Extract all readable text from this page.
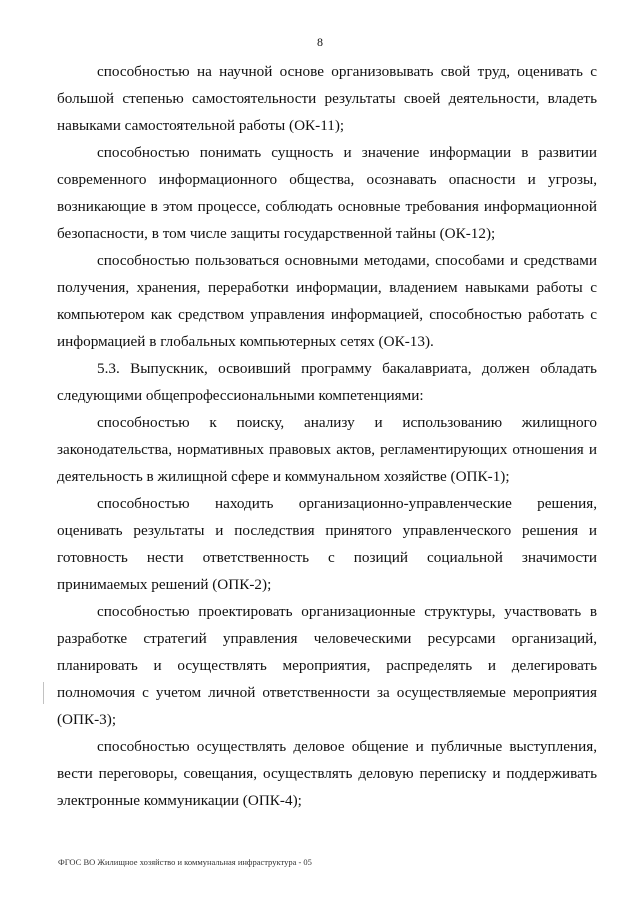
8

способностью на научной основе организовывать свой труд, оценивать с большой степенью самостоятельности результаты своей деятельности, владеть навыками самостоятельной работы (ОК-11);

способностью понимать сущность и значение информации в развитии современного информационного общества, осознавать опасности и угрозы, возникающие в этом процессе, соблюдать основные требования информационной безопасности, в том числе защиты государственной тайны (ОК-12);

способностью пользоваться основными методами, способами и средствами получения, хранения, переработки информации, владением навыками работы с компьютером как средством управления информацией, способностью работать с информацией в глобальных компьютерных сетях (ОК-13).

5.3. Выпускник, освоивший программу бакалавриата, должен обладать следующими общепрофессиональными компетенциями:

способностью к поиску, анализу и использованию жилищного законодательства, нормативных правовых актов, регламентирующих отношения и деятельность в жилищной сфере и коммунальном хозяйстве (ОПК-1);

способностью находить организационно-управленческие решения, оценивать результаты и последствия принятого управленческого решения и готовность нести ответственность с позиций социальной значимости принимаемых решений (ОПК-2);

способностью проектировать организационные структуры, участвовать в разработке стратегий управления человеческими ресурсами организаций, планировать и осуществлять мероприятия, распределять и делегировать полномочия с учетом личной ответственности за осуществляемые мероприятия (ОПК-3);

способностью осуществлять деловое общение и публичные выступления, вести переговоры, совещания, осуществлять деловую переписку и поддерживать электронные коммуникации (ОПК-4);

ФГОС ВО Жилищное хозяйство и коммунальная инфраструктура - 05
